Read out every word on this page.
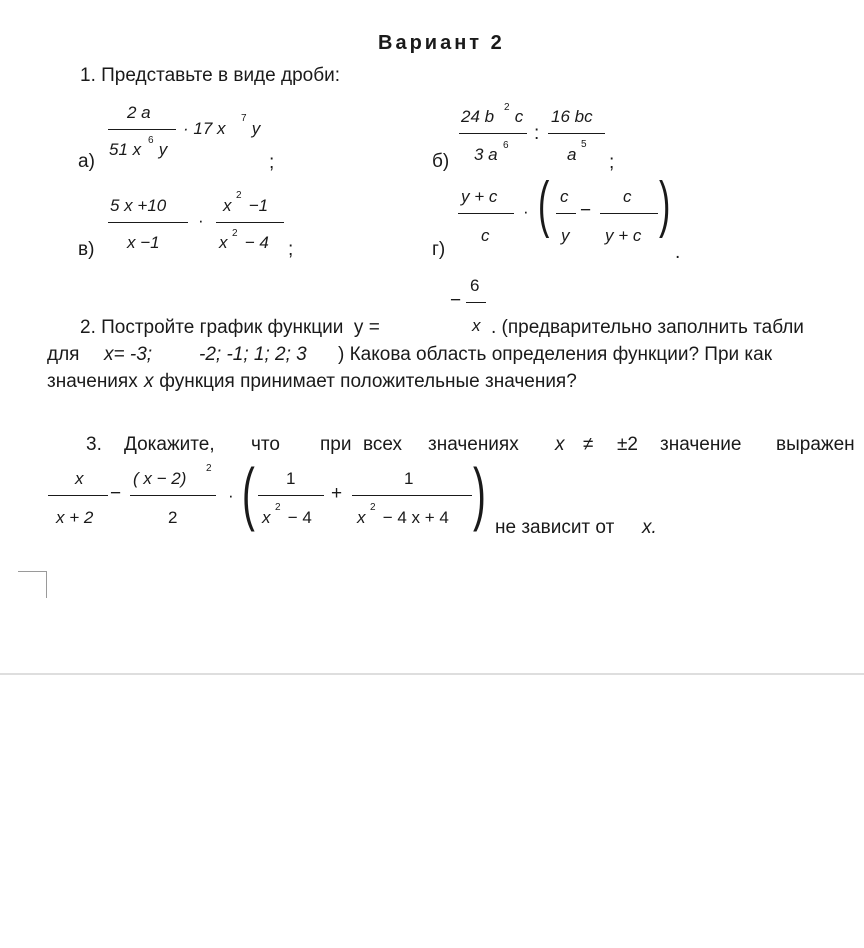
Вариант 2
1. Представьте в виде дроби:
а)
2 a
51 x 6 y
· 17 x
7
y
;	б)
24 b 2 c
3 a 6
:
16 bc
a
5
;
в)
5 x +10
x −1
·
x
2
−1
x 2 − 4 ;	г)
y + c
c
· ( c
y
−
c
y + c )
.
−
6
x
2. Постройте график функции  y =	. (предварительно заполнить табли
для x= -3; -2; -1; 1; 2; 3 ) Какова область определения функции? При как
значениях x функция принимает положительные значения?
3. Докажите, что при всех значениях x ≠ ±2 значение выражен
x
x + 2
−
( x − 2)
2
2
· ( 1
x
2
− 4
+
1
x
2
− 4 x + 4 ) не зависит от x.
